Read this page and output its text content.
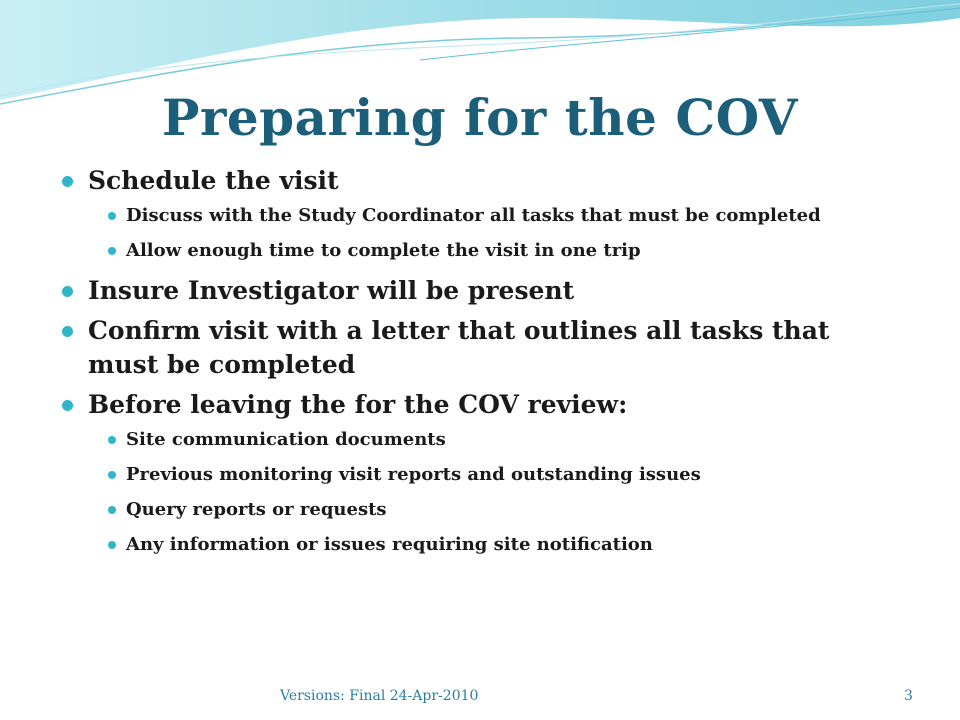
Preparing for the COV
Schedule the visit
Discuss with the Study Coordinator all tasks that must be completed
Allow enough time to complete the visit in one trip
Insure Investigator will be present
Confirm visit with a letter that outlines all tasks that must be completed
Before leaving the for the COV review:
Site communication documents
Previous monitoring visit reports and outstanding issues
Query reports or requests
Any information or issues requiring site notification
Versions: Final 24-Apr-2010	3
